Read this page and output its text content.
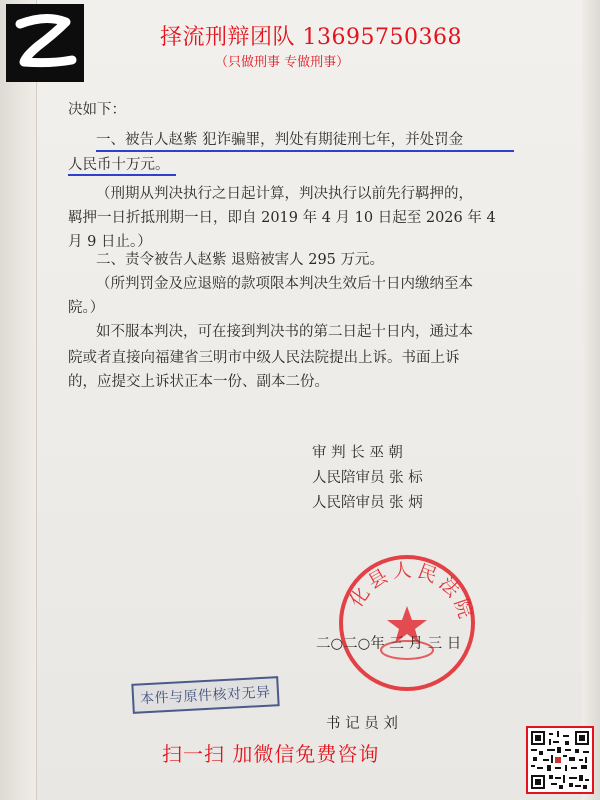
择流刑辩团队 13695750368
（只做刑事 专做刑事）
决如下：
一、被告人赵紫 犯诈骗罪，判处有期徒刑七年，并处罚金
人民币十万元。
（刑期从判决执行之日起计算，判决执行以前先行羁押的，
羁押一日折抵刑期一日，即自 2019 年 4 月 10 日起至 2026 年 4
月 9 日止。）
二、责令被告人赵紫 退赔被害人 295 万元。
（所判罚金及应退赔的款项限本判决生效后十日内缴纳至本
院。）
如不服本判决，可在接到判决书的第二日起十日内，通过本
院或者直接向福建省三明市中级人民法院提出上诉。书面上诉
的，应提交上诉状正本一份、副本二份。
审 判 长 巫 朝
人民陪审员 张 标
人民陪审员 张 炳
化县人民法院
二○二○年 三 月 三 日
本件与原件核对无异
书 记 员 刘
扫一扫 加微信免费咨询
